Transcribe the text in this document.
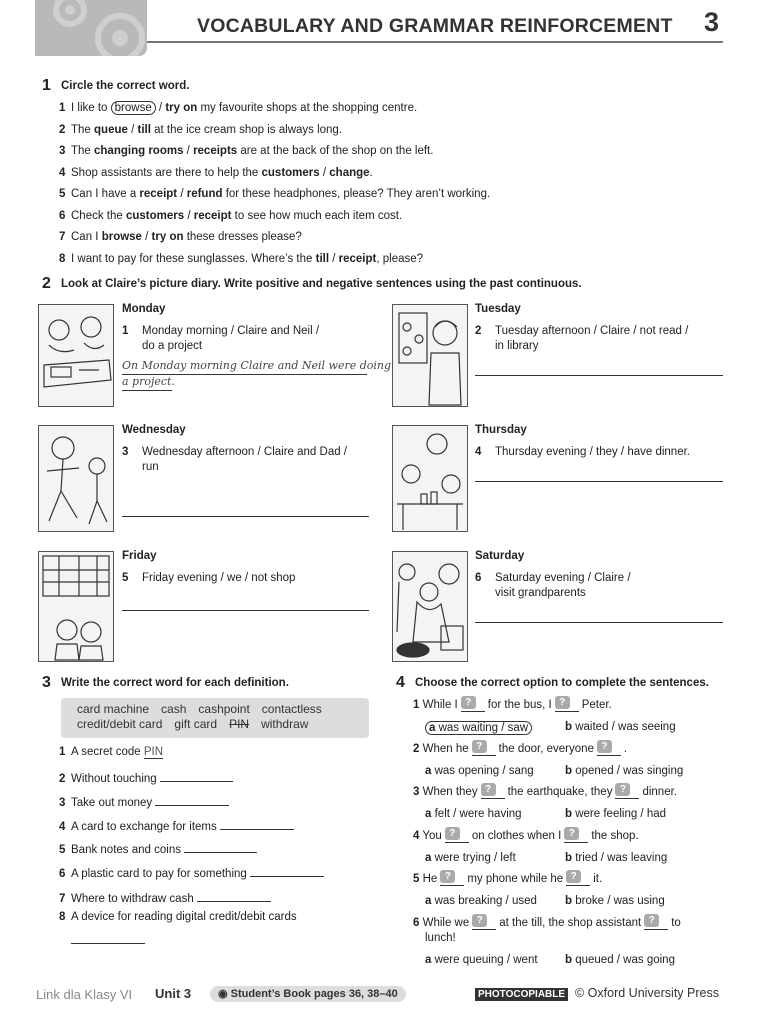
VOCABULARY AND GRAMMAR REINFORCEMENT 3
1 Circle the correct word.
1 I like to browse / try on my favourite shops at the shopping centre.
2 The queue / till at the ice cream shop is always long.
3 The changing rooms / receipts are at the back of the shop on the left.
4 Shop assistants are there to help the customers / change.
5 Can I have a receipt / refund for these headphones, please? They aren’t working.
6 Check the customers / receipt to see how much each item cost.
7 Can I browse / try on these dresses please?
8 I want to pay for these sunglasses. Where’s the till / receipt, please?
2 Look at Claire’s picture diary. Write positive and negative sentences using the past continuous.
Monday
1 Monday morning / Claire and Neil /
do a project
On Monday morning Claire and Neil were doing
a project.
Tuesday
2 Tuesday afternoon / Claire / not read /
in library
Wednesday
3 Wednesday afternoon / Claire and Dad /
run
Thursday
4 Thursday evening / they / have dinner.
Friday
5 Friday evening / we / not shop
Saturday
6 Saturday evening / Claire /
visit grandparents
3 Write the correct word for each definition.
card machine cash cashpoint contactless
credit/debit card gift card PIN withdraw
1 A secret code PIN
2 Without touching
3 Take out money
4 A card to exchange for items
5 Bank notes and coins
6 A plastic card to pay for something
7 Where to withdraw cash
8 A device for reading digital credit/debit cards
4 Choose the correct option to complete the sentences.
1 While I ? for the bus, I ? Peter.
a was waiting / saw	b waited / was seeing
2 When he ? the door, everyone ? .
a was opening / sang	b opened / was singing
3 When they ? the earthquake, they ? dinner.
a felt / were having	b were feeling / had
4 You ? on clothes when I ? the shop.
a were trying / left	b tried / was leaving
5 He ? my phone while he ? it.
a was breaking / used b broke / was using
6 While we ? at the till, the shop assistant ? to
lunch!
a were queuing / went b queued / was going
Link dla Klasy VI Unit 3	◉ Student’s Book pages 36, 38–40	PHOTOCOPIABLE © Oxford University Press
